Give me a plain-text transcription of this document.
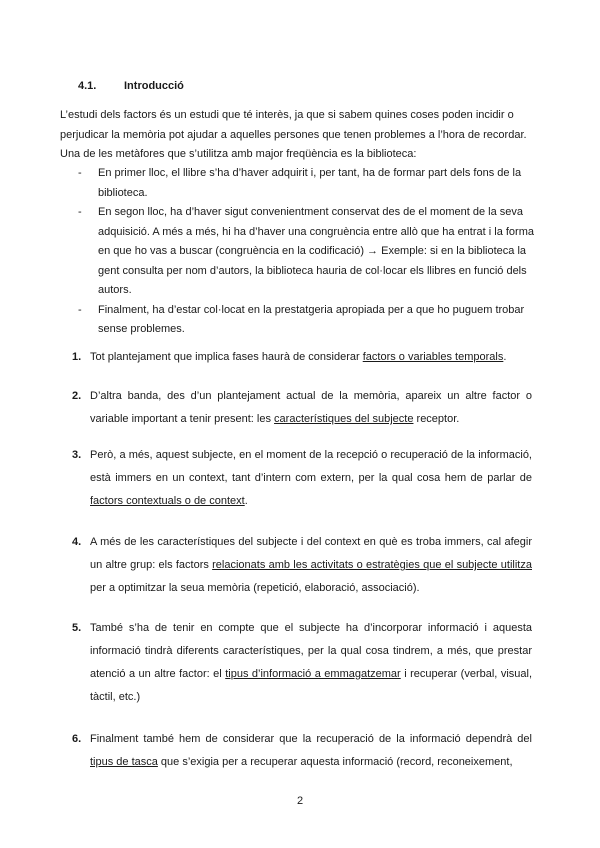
4.1.	Introducció
L’estudi dels factors és un estudi que té interès, ja que si sabem quines coses poden incidir o perjudicar la memòria pot ajudar a aquelles persones que tenen problemes a l’hora de recordar. Una de les metàfores que s’utilitza amb major freqüència es la biblioteca:

- En primer lloc, el llibre s’ha d’haver adquirit i, per tant, ha de formar part dels fons de la biblioteca.

- En segon lloc, ha d’haver sigut convenientment conservat des de el moment de la seva adquisició. A més a més, hi ha d’haver una congruència entre allò que ha entrat i la forma en que ho vas a buscar (congruència en la codificació) → Exemple: si en la biblioteca la gent consulta per nom d’autors, la biblioteca hauria de col·locar els llibres en funció dels autors.

- Finalment, ha d’estar col·locat en la prestatgeria apropiada per a que ho puguem trobar sense problemes.

1. Tot plantejament que implica fases haurà de considerar factors o variables temporals.
2. D’altra banda, des d’un plantejament actual de la memòria, apareix un altre factor o variable important a tenir present: les característiques del subjecte receptor.
3. Però, a més, aquest subjecte, en el moment de la recepció o recuperació de la informació, està immers en un context, tant d’intern com extern, per la qual cosa hem de parlar de factors contextuals o de context.
4. A més de les característiques del subjecte i del context en què es troba immers, cal afegir un altre grup: els factors relacionats amb les activitats o estratègies que el subjecte utilitza per a optimitzar la seua memòria (repetició, elaboració, associació).
5. També s’ha de tenir en compte que el subjecte ha d’incorporar informació i aquesta informació tindrà diferents característiques, per la qual cosa tindrem, a més, que prestar atenció a un altre factor: el tipus d’informació a emmagatzemar i recuperar (verbal, visual, tàctil, etc.)
6. Finalment també hem de considerar que la recuperació de la informació dependrà del tipus de tasca que s’exigia per a recuperar aquesta informació (record, reconeixement,
2
